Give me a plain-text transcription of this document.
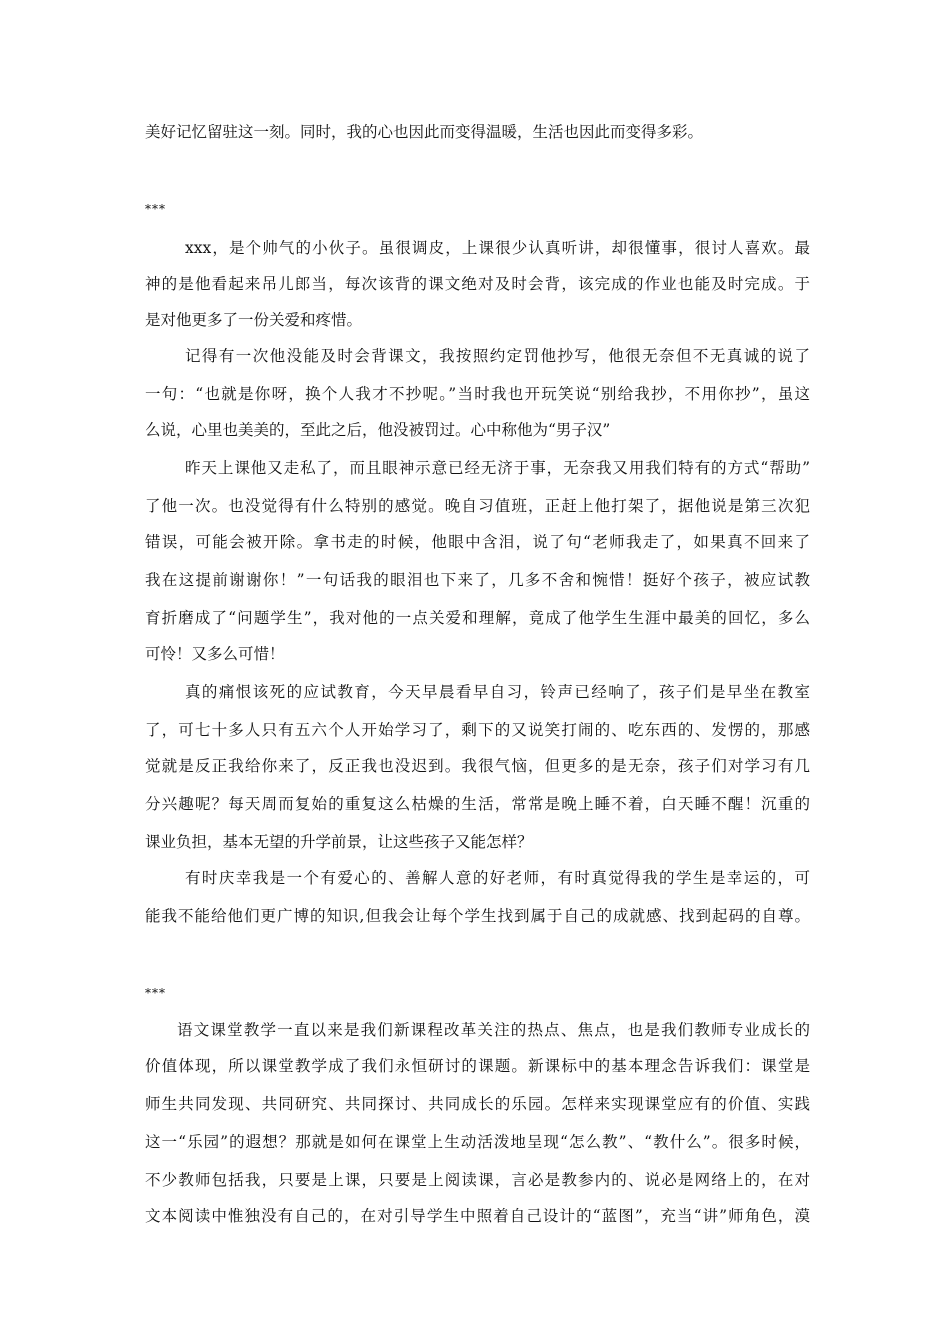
美好记忆留驻这一刻。同时，我的心也因此而变得温暖，生活也因此而变得多彩。
***
xxx，是个帅气的小伙子。虽很调皮，上课很少认真听讲，却很懂事，很讨人喜欢。最
神的是他看起来吊儿郎当，每次该背的课文绝对及时会背，该完成的作业也能及时完成。于
是对他更多了一份关爱和疼惜。
记得有一次他没能及时会背课文，我按照约定罚他抄写，他很无奈但不无真诚的说了
一句：“也就是你呀，换个人我才不抄呢。”当时我也开玩笑说“别给我抄，不用你抄”，虽这
么说，心里也美美的，至此之后，他没被罚过。心中称他为“男子汉”
昨天上课他又走私了，而且眼神示意已经无济于事，无奈我又用我们特有的方式“帮助”
了他一次。也没觉得有什么特别的感觉。晚自习值班，正赶上他打架了，据他说是第三次犯
错误，可能会被开除。拿书走的时候，他眼中含泪，说了句“老师我走了，如果真不回来了
我在这提前谢谢你！”一句话我的眼泪也下来了，几多不舍和惋惜！挺好个孩子，被应试教
育折磨成了“问题学生”，我对他的一点关爱和理解，竟成了他学生生涯中最美的回忆，多么
可怜！又多么可惜！
真的痛恨该死的应试教育，今天早晨看早自习，铃声已经响了，孩子们是早坐在教室
了，可七十多人只有五六个人开始学习了，剩下的又说笑打闹的、吃东西的、发愣的，那感
觉就是反正我给你来了，反正我也没迟到。我很气恼，但更多的是无奈，孩子们对学习有几
分兴趣呢？每天周而复始的重复这么枯燥的生活，常常是晚上睡不着，白天睡不醒！沉重的
课业负担，基本无望的升学前景，让这些孩子又能怎样？
有时庆幸我是一个有爱心的、善解人意的好老师，有时真觉得我的学生是幸运的，可
能我不能给他们更广博的知识,但我会让每个学生找到属于自己的成就感、找到起码的自尊。
***
语文课堂教学一直以来是我们新课程改革关注的热点、焦点，也是我们教师专业成长的
价值体现，所以课堂教学成了我们永恒研讨的课题。新课标中的基本理念告诉我们：课堂是
师生共同发现、共同研究、共同探讨、共同成长的乐园。怎样来实现课堂应有的价值、实践
这一“乐园”的遐想？那就是如何在课堂上生动活泼地呈现“怎么教”、“教什么”。很多时候，
不少教师包括我，只要是上课，只要是上阅读课，言必是教参内的、说必是网络上的，在对
文本阅读中惟独没有自己的，在对引导学生中照着自己设计的“蓝图”，充当“讲”师角色，漠
